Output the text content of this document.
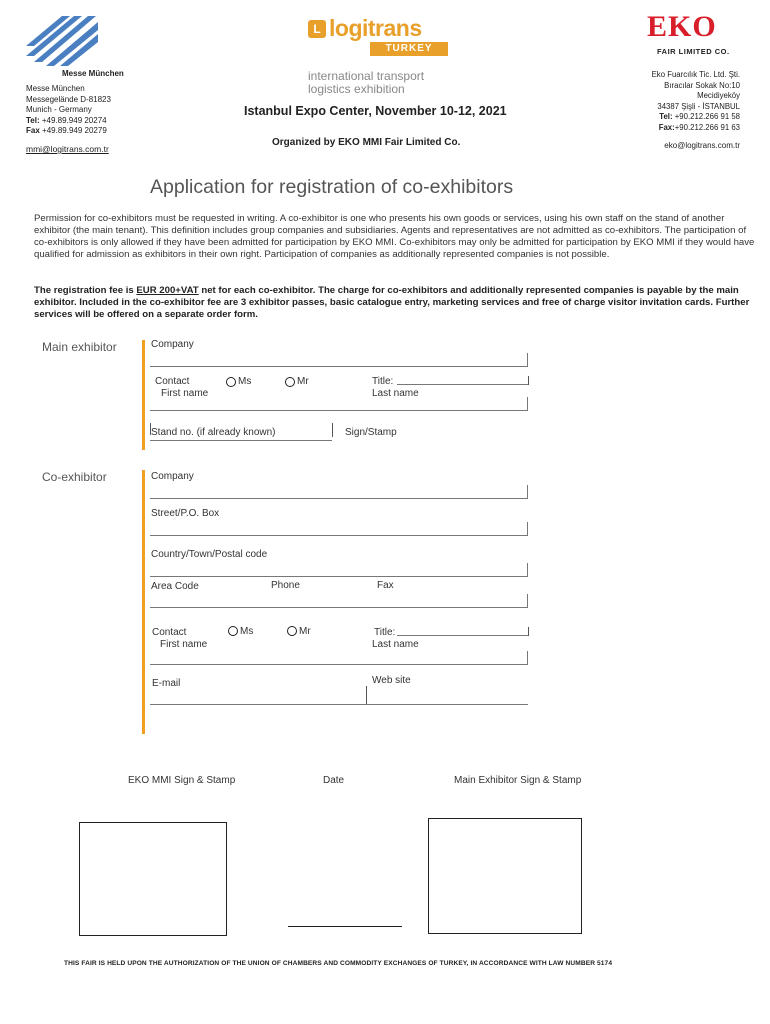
Messe München
Messe München
Messegelände D-81823
Munich - Germany
Tel: +49.89.949 20274
Fax +49.89.949 20279
mmi@logitrans.com.tr
L logitrans
TURKEY
international transport
logistics exhibition
Istanbul Expo Center, November 10-12, 2021
Organized by EKO MMI Fair Limited Co.
EKO
FAIR LIMITED CO.
Eko Fuarcılık Tic. Ltd. Şti.
Bıracılar Sokak No:10
Mecidiyeköy
34387 Şişli - İSTANBUL
Tel: +90.212.266 91 58
Fax:+90.212.266 91 63
eko@logitrans.com.tr
Application for registration of co-exhibitors
Permission for co-exhibitors must be requested in writing. A co-exhibitor is one who presents his own goods or services, using his own staff on the stand of another exhibitor (the main tenant). This definition includes group companies and subsidiaries. Agents and representatives are not admitted as co-exhibitors. The participation of co-exhibitors is only allowed if they have been admitted for participation by EKO MMI. Co-exhibitors may only be admitted for participation by EKO MMI if they would have qualified for admission as exhibitors in their own right. Participation of companies as additionally represented companies is not possible.
The registration fee is EUR 200+VAT net for each co-exhibitor. The charge for co-exhibitors and additionally represented companies is payable by the main exhibitor. Included in the co-exhibitor fee are 3 exhibitor passes, basic catalogue entry, marketing services and free of charge visitor invitation cards. Further services will be offered on a separate order form.
Main exhibitor	Company
Contact
First name
Ms	Mr	Title:
Last name
Stand no. (if already known)	Sign/Stamp
Co-exhibitor	Company
Street/P.O. Box
Country/Town/Postal code
Area Code	Phone	Fax
Contact
First name
Ms	Mr	Title:
Last name
E-mail	Web site
EKO MMI Sign & Stamp	Date	Main Exhibitor Sign & Stamp
THIS FAIR IS HELD UPON THE AUTHORIZATION OF THE UNION OF CHAMBERS AND COMMODITY EXCHANGES OF TURKEY, IN ACCORDANCE WITH LAW NUMBER 5174
